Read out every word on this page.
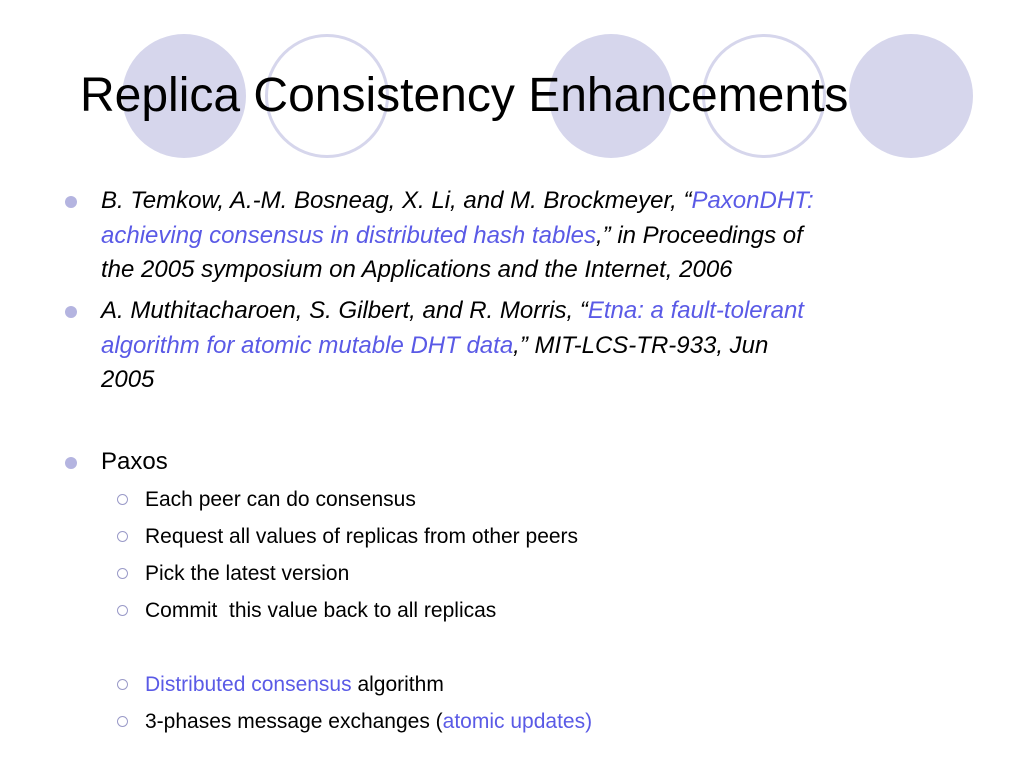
Replica Consistency Enhancements
B. Temkow, A.-M. Bosneag, X. Li, and M. Brockmeyer, “PaxonDHT:
achieving consensus in distributed hash tables,” in Proceedings of
the 2005 symposium on Applications and the Internet, 2006
A. Muthitacharoen, S. Gilbert, and R. Morris, “Etna: a fault-tolerant
algorithm for atomic mutable DHT data,” MIT-LCS-TR-933, Jun
2005
Paxos
Each peer can do consensus
Request all values of replicas from other peers
Pick the latest version
Commit  this value back to all replicas
Distributed consensus algorithm
3-phases message exchanges (atomic updates)
